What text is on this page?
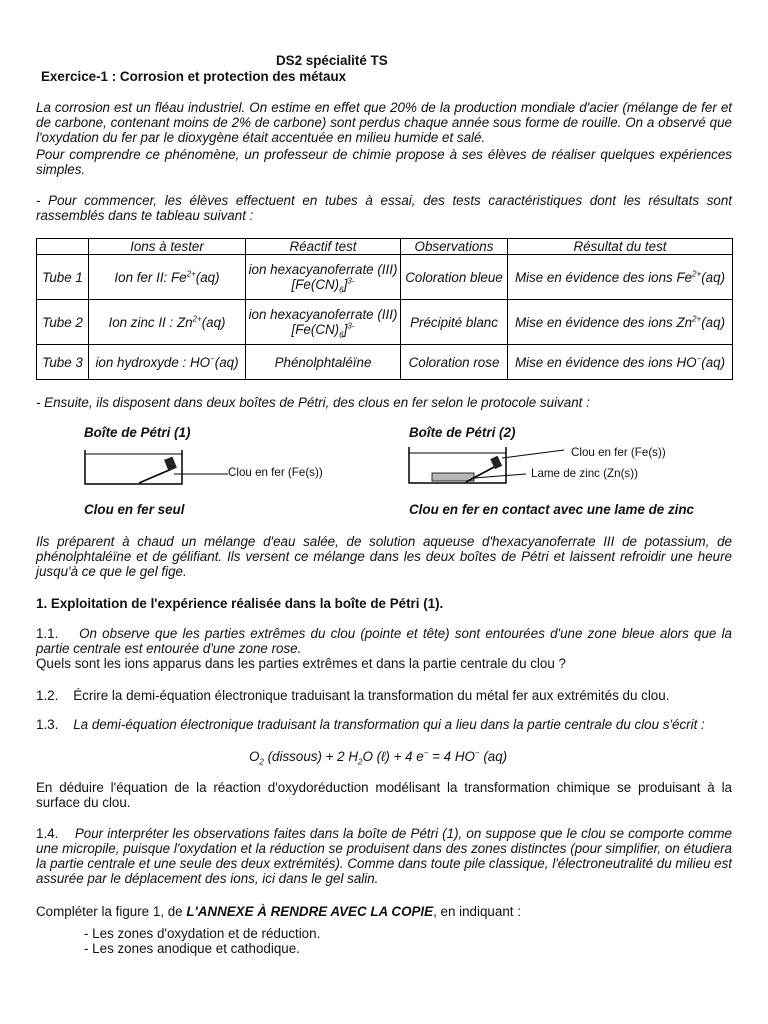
DS2 spécialité TS
Exercice-1 : Corrosion et protection des métaux

La corrosion est un fléau industriel. On estime en effet que 20% de la production mondiale d'acier (mélange de fer et de carbone, contenant moins de 2% de carbone) sont perdus chaque année sous forme de rouille. On a observé que l'oxydation du fer par le dioxygène était accentuée en milieu humide et salé.

Pour comprendre ce phénomène, un professeur de chimie propose à ses élèves de réaliser quelques expériences simples.

- Pour commencer, les élèves effectuent en tubes à essai, des tests caractéristiques dont les résultats sont rassemblés dans te tableau suivant :

	Ions à tester	Réactif test	Observations	Résultat du test
Tube 1	Ion fer II: $Fe^{2+}(aq)$	ion hexacyanoferrate (III)
$[Fe(CN)_6]^{3-}$	Coloration bleue	Mise en évidence des ions $Fe^{2+}(aq)$
Tube 2	Ion zinc II : $Zn^{2+}(aq)$	ion hexacyanoferrate (III)
$[Fe(CN)_6]^{3-}$	Précipité blanc	Mise en évidence des ions $Zn^{2+}(aq)$
Tube 3	ion hydroxyde : HO−(aq)	Phénolphtaléïne	Coloration rose	Mise en évidence des ions HO−(aq)

- Ensuite, ils disposent dans deux boîtes de Pétri, des clous en fer selon le protocole suivant :

Boîte de Pétri (1)	Boîte de Pétri (2)
Clou en fer (Fe(s))
Clou en fer (Fe(s))
Lame de zinc (Zn(s))
Clou en fer seul	Clou en fer en contact avec une lame de zinc

Ils préparent à chaud un mélange d'eau salée, de solution aqueuse d'hexacyanoferrate III de potassium, de phénolphtaléïne et de gélifiant. Ils versent ce mélange dans les deux boîtes de Pétri et laissent refroidir une heure jusqu'à ce que le gel fige.

1. Exploitation de l'expérience réalisée dans la boîte de Pétri (1).

1.1. On observe que les parties extrêmes du clou (pointe et tête) sont entourées d'une zone bleue alors que la partie centrale est entourée d'une zone rose.

Quels sont les ions apparus dans les parties extrêmes et dans la partie centrale du clou ?

1.2. Écrire la demi-équation électronique traduisant la transformation du métal fer aux extrémités du clou.

1.3. La demi-équation électronique traduisant la transformation qui a lieu dans la partie centrale du clou s'écrit :

$O_2$ (dissous) + 2 $H_2O$ (ℓ) + 4 e− = 4 HO− (aq)

En déduire l'équation de la réaction d'oxydoréduction modélisant la transformation chimique se produisant à la surface du clou.

1.4. Pour interpréter les observations faites dans la boîte de Pétri (1), on suppose que le clou se comporte comme une micropile, puisque l'oxydation et la réduction se produisent dans des zones distinctes (pour simplifier, on étudiera la partie centrale et une seule des deux extrémités). Comme dans toute pile classique, l'électroneutralité du milieu est assurée par le déplacement des ions, ici dans le gel salin.

Compléter la figure 1, de L'ANNEXE À RENDRE AVEC LA COPIE, en indiquant :

- Les zones d'oxydation et de réduction.
- Les zones anodique et cathodique.
